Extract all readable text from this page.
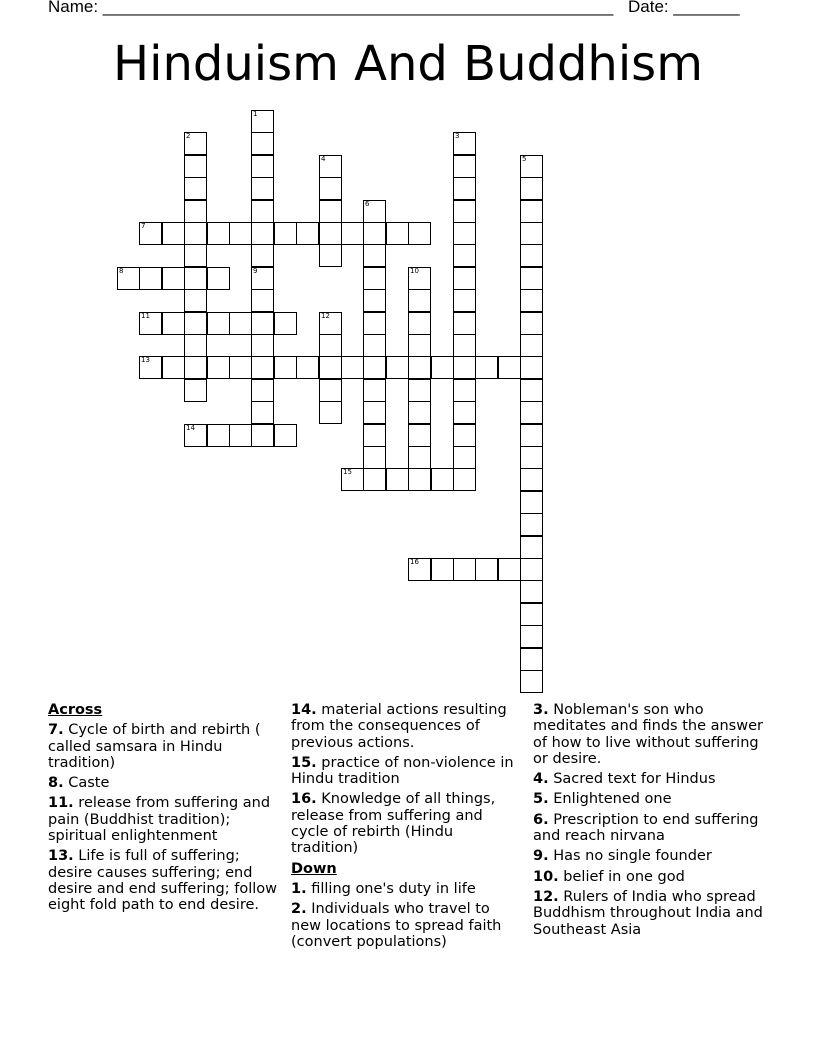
Name: ______________________________________________________ Date: _______
Hinduism And Buddhism
7
8
11
13
14
15
16
1
9
2	3
4	5
6
10
12
Across
7. Cycle of birth and rebirth ( called samsara in Hindu tradition)
8. Caste
11. release from suffering and pain (Buddhist tradition); spiritual enlightenment
13. Life is full of suffering; desire causes suffering; end desire and end suffering; follow eight fold path to end desire.
14. material actions resulting from the consequences of previous actions.
15. practice of non-violence in Hindu tradition
16. Knowledge of all things, release from suffering and cycle of rebirth (Hindu tradition)
Down
1. filling one's duty in life
2. Individuals who travel to new locations to spread faith (convert populations)
3. Nobleman's son who meditates and finds the answer of how to live without suffering or desire.
4. Sacred text for Hindus
5. Enlightened one
6. Prescription to end suffering and reach nirvana
9. Has no single founder
10. belief in one god
12. Rulers of India who spread Buddhism throughout India and Southeast Asia
